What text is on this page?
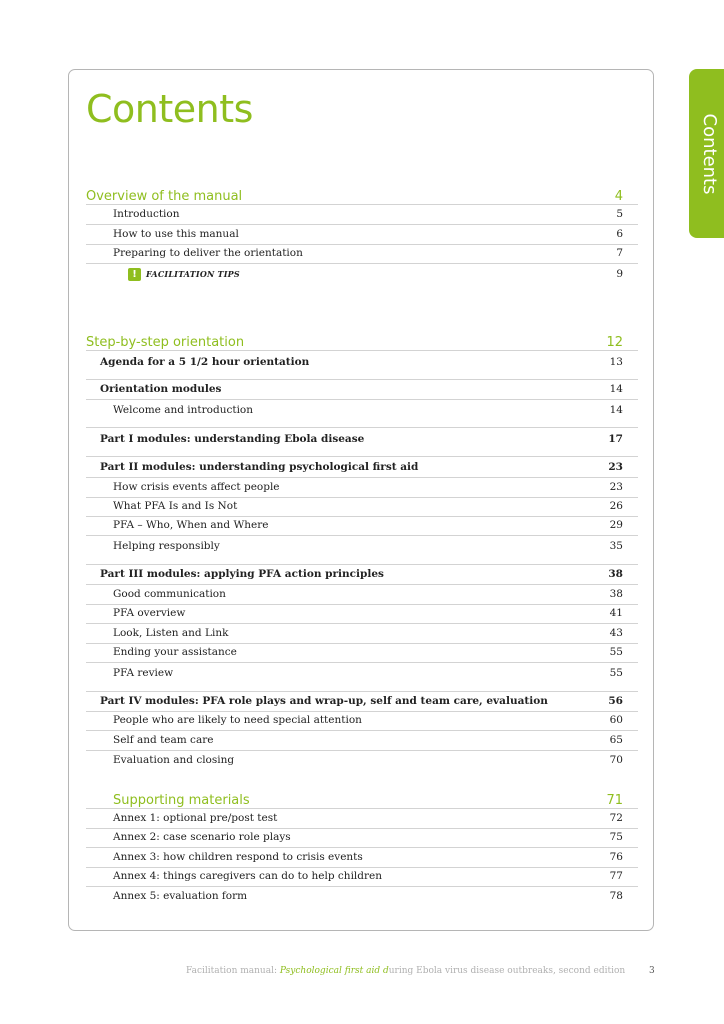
Contents
Contents
Overview of the manual	4
Introduction	5
How to use this manual	6
Preparing to deliver the orientation	7
! FACILITATION TIPS	9
Step-by-step orientation	12
Agenda for a 5 1/2 hour orientation	13
Orientation modules	14
Welcome and introduction	14
Part I modules: understanding Ebola disease	17
Part II modules: understanding psychological first aid	23
How crisis events affect people	23
What PFA Is and Is Not	26
PFA – Who, When and Where	29
Helping responsibly	35
Part III modules: applying PFA action principles	38
Good communication	38
PFA overview	41
Look, Listen and Link	43
Ending your assistance	55
PFA review	55
Part IV modules: PFA role plays and wrap-up, self and team care, evaluation	56
People who are likely to need special attention	60
Self and team care	65
Evaluation and closing	70
Supporting materials	71
Annex 1: optional pre/post test	72
Annex 2: case scenario role plays	75
Annex 3: how children respond to crisis events	76
Annex 4: things caregivers can do to help children	77
Annex 5: evaluation form	78
Facilitation manual: Psychological first aid during Ebola virus disease outbreaks, second edition	3
